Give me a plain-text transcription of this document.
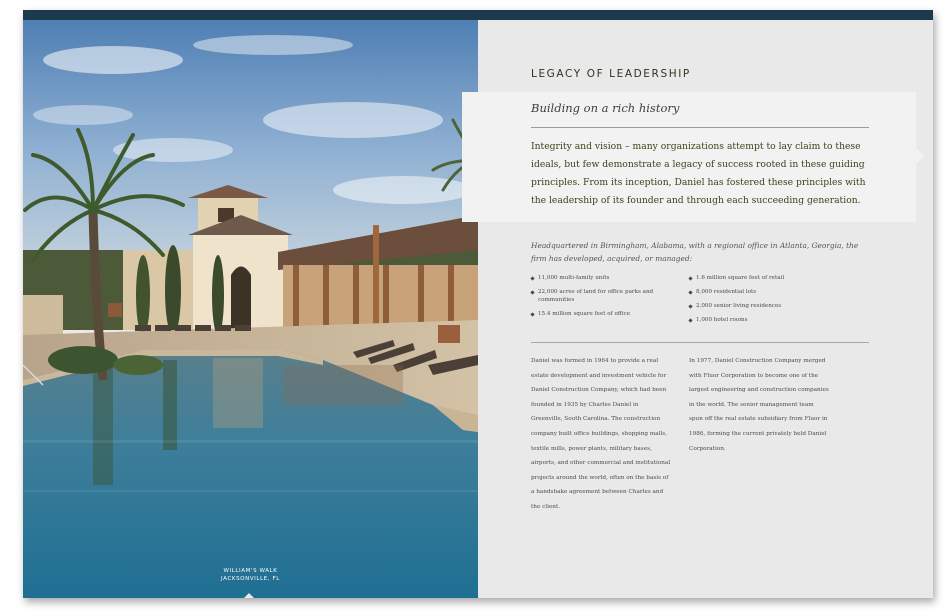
WILLIAM'S WALK
JACKSONVILLE, FL
LEGACY OF LEADERSHIP
Building on a rich history
Integrity and vision – many organizations attempt to lay claim to these ideals, but few demonstrate a legacy of success rooted in these guiding principles. From its inception, Daniel has fostered these principles with the leadership of its founder and through each succeeding generation.
Headquartered in Birmingham, Alabama, with a regional office in Atlanta, Georgia, the firm has developed, acquired, or managed:
11,000 multi-family units
22,000 acres of land for office parks and communities
15.4 million square feet of office
1.6 million square feet of retail
8,000 residential lots
2,000 senior living residences
1,000 hotel rooms
Daniel was formed in 1964 to provide a real estate development and investment vehicle for Daniel Construction Company, which had been founded in 1935 by Charles Daniel in Greenville, South Carolina. The construction company built office buildings, shopping malls, textile mills, power plants, military bases, airports, and other commercial and institutional projects around the world, often on the basis of a handshake agreement between Charles and the client.
In 1977, Daniel Construction Company merged with Fluor Corporation to become one of the largest engineering and construction companies in the world. The senior management team spun off the real estate subsidiary from Fluor in 1986, forming the current privately held Daniel Corporation.
